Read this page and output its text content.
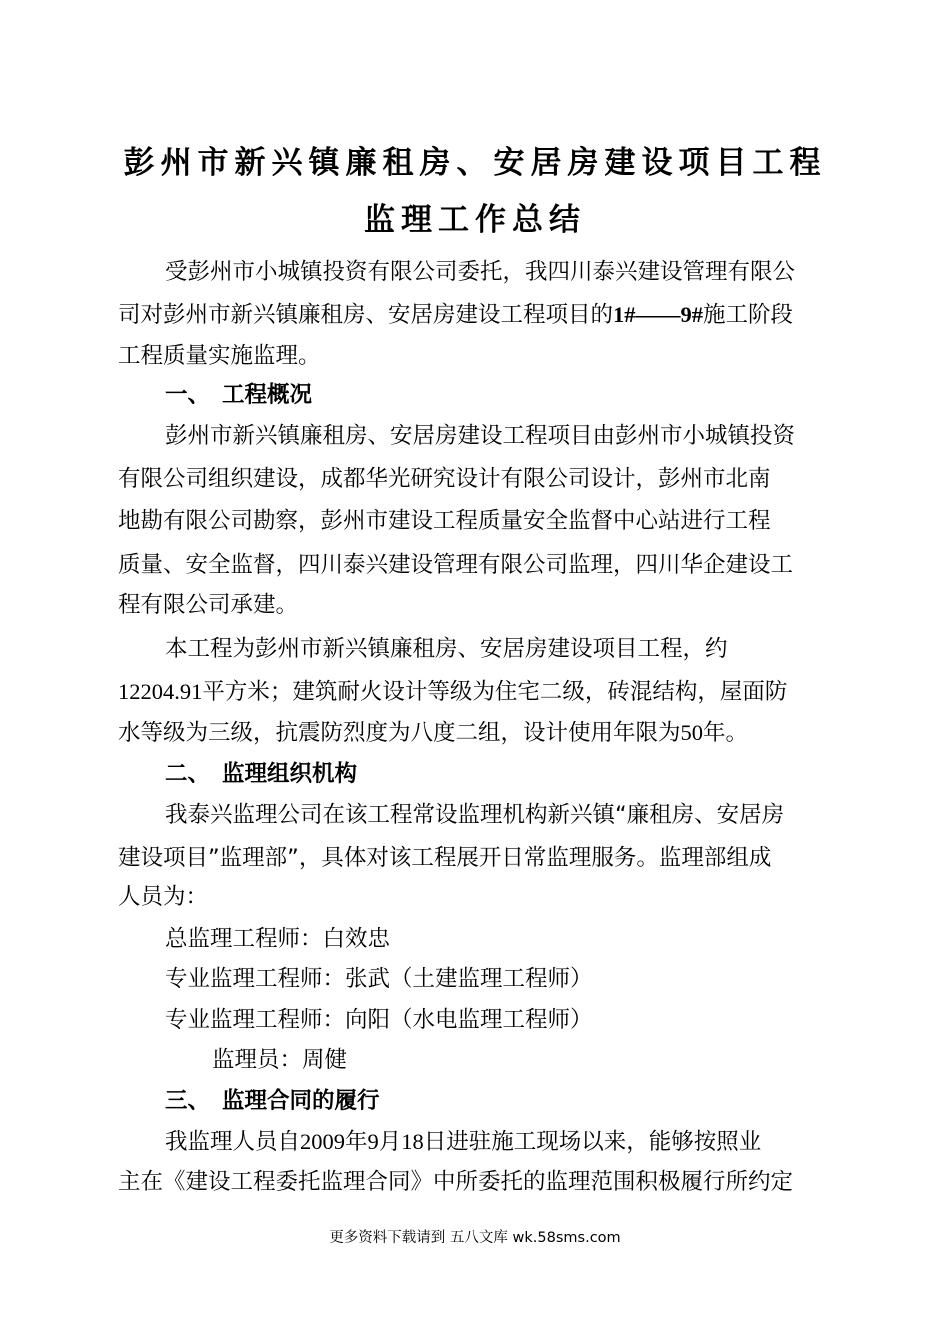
彭州市新兴镇廉租房、安居房建设项目工程
监理工作总结
受彭州市小城镇投资有限公司委托，我四川泰兴建设管理有限公
司对彭州市新兴镇廉租房、安居房建设工程项目的1#——9#施工阶段
工程质量实施监理。
一、 工程概况
彭州市新兴镇廉租房、安居房建设工程项目由彭州市小城镇投资
有限公司组织建设，成都华光研究设计有限公司设计，彭州市北南
地勘有限公司勘察，彭州市建设工程质量安全监督中心站进行工程
质量、安全监督，四川泰兴建设管理有限公司监理，四川华企建设工
程有限公司承建。
本工程为彭州市新兴镇廉租房、安居房建设项目工程，约
12204.91平方米；建筑耐火设计等级为住宅二级，砖混结构，屋面防
水等级为三级，抗震防烈度为八度二组，设计使用年限为50年。
二、 监理组织机构
我泰兴监理公司在该工程常设监理机构新兴镇“廉租房、安居房
建设项目”监理部”，具体对该工程展开日常监理服务。监理部组成
人员为：
总监理工程师：白效忠
专业监理工程师：张武（土建监理工程师）
专业监理工程师：向阳（水电监理工程师）
监理员：周健
三、 监理合同的履行
我监理人员自2009年9月18日进驻施工现场以来，能够按照业
主在《建设工程委托监理合同》中所委托的监理范围积极履行所约定
更多资料下载请到 五八文库 wk.58sms.com
